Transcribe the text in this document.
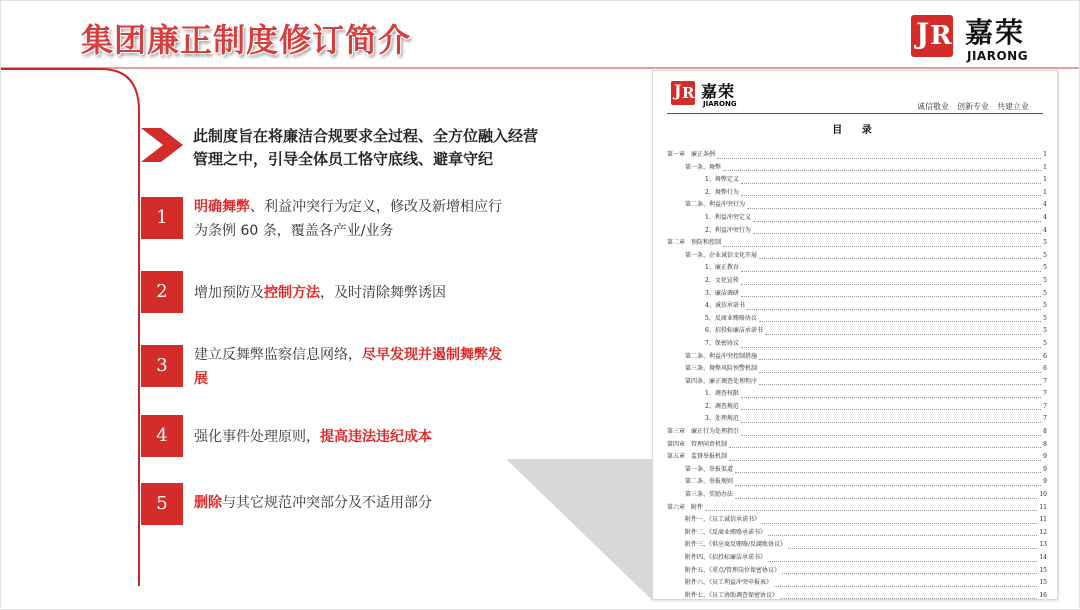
集团廉正制度修订简介	J R 嘉荣
JIARONG
此制度旨在将廉洁合规要求全过程、全方位融入经营管理之中，引导全体员工恪守底线、避章守纪
1	明确舞弊、利益冲突行为定义，修改及新增相应行为条例 60 条，覆盖各产业/业务
2	增加预防及控制方法，及时清除舞弊诱因
3	建立反舞弊监察信息网络，尽早发现并遏制舞弊发展
4	强化事件处理原则，提高违法违纪成本
5	删除与其它规范冲突部分及不适用部分
J R 嘉荣
JIARONG	诚信敬业　创新专业　共建立业
目 录
第一章　廉正条例	1
第一条、舞弊	1
1、舞弊定义	1
2、舞弊行为	1
第二条、利益冲突行为	4
1、利益冲突定义	4
2、利益冲突行为	4
第二章　预防和控制	5
第一条、企业诚信文化开展	5
1、廉正教育	5
2、文化宣传	5
3、廉洁调研	5
4、诚信承诺书	5
5、反商业贿赂协议	5
6、招投标廉洁承诺书	5
7、保密协议	5
第二条、利益冲突控制措施	6
第三条、舞弊风险预警机制	6
第四条、廉正调查处理程序	7
1、调查权限	7
2、调查规范	7
3、处理规范	7
第三章　廉正行为处理指引	8
第四章　管理问责机制	8
第五章　监督举报机制	9
第一条、举报渠道	9
第二条、举报规则	9
第三条、奖励办法	10
第六章　附件	11
附件一、《员工诚信承诺书》	11
附件二、《反商业贿赂承诺书》	12
附件三、《供应商反贿赂/反腐败协议》	13
附件四、《招投标廉洁承诺书》	14
附件五、《重点/管理岗位保密协议》	15
附件六、《员工利益冲突申报表》	15
附件七、《员工协助调查保密协议》	16
